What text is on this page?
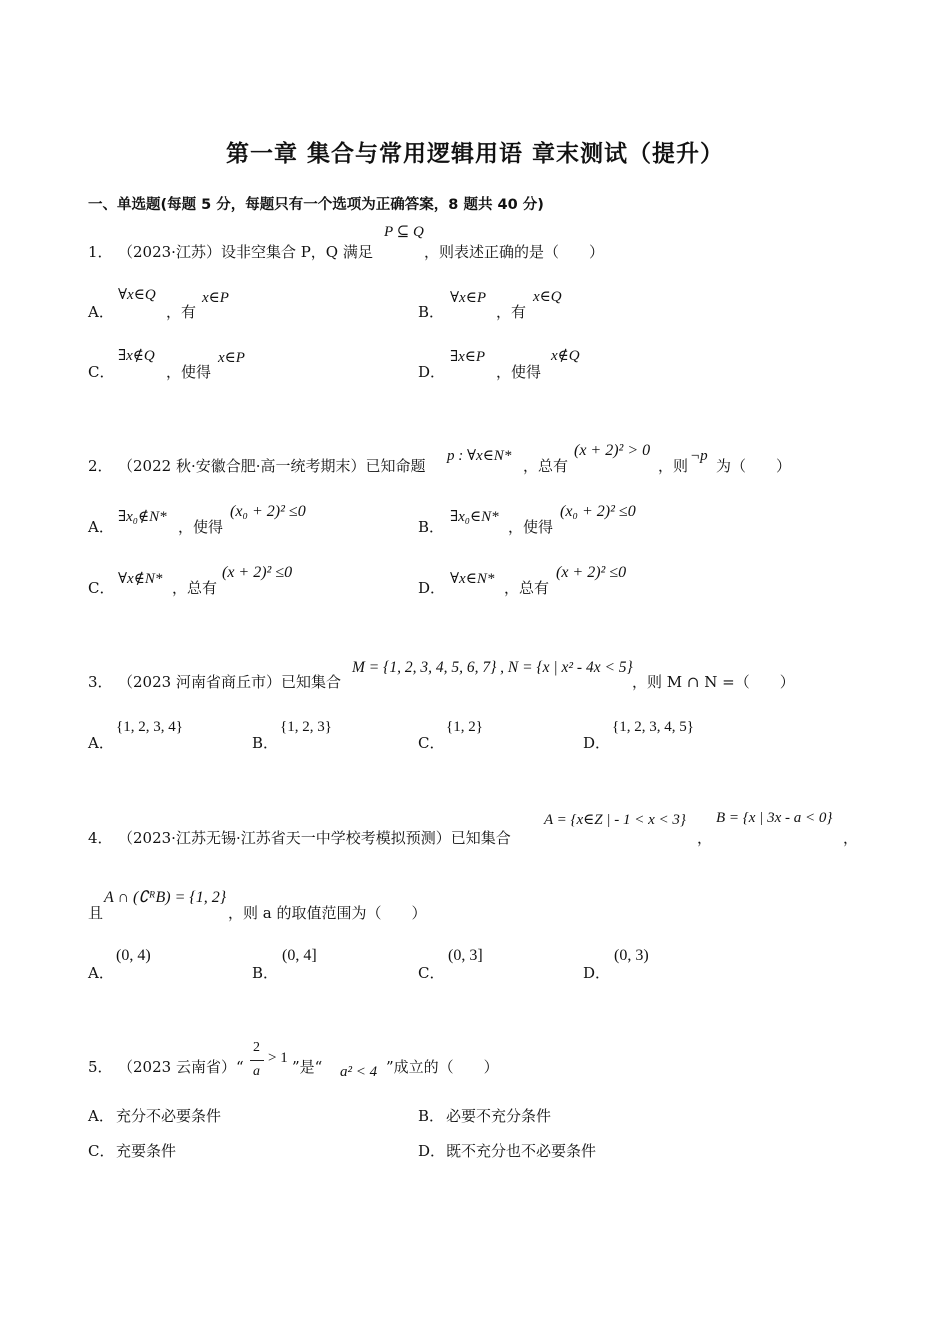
第一章 集合与常用逻辑用语 章末测试（提升）
一、单选题(每题 5 分，每题只有一个选项为正确答案，8 题共 40 分)
1． （2023·江苏）设非空集合 P，Q 满足
P ⊆ Q
，则表述正确的是（　　）
A．
∀x∈Q
，有
x∈P
B．
∀x∈P
，有
x∈Q
C．
∃x∉Q
，使得
x∈P
D．
∃x∈P
，使得
x∉Q
2． （2022 秋·安徽合肥·高一统考期末）已知命题
p : ∀x∈N*
，总有
(x + 2)² > 0
，则
¬p
为（　　）
A．
∃x₀∉N*
，使得
(x₀ + 2)² ≤0
B．
∃x₀∈N*
，使得
(x₀ + 2)² ≤0
C． ∀x∉N* ，总有
(x + 2)² ≤0
D． ∀x∈N* ，总有
(x + 2)² ≤0
3． （2023 河南省商丘市）已知集合
M = {1, 2, 3, 4, 5, 6, 7} , N = {x | x² - 4x < 5}
，则 M ∩ N =（　　）
A．
{1, 2, 3, 4}
B．
{1, 2, 3}
C．
{1, 2}
D．
{1, 2, 3, 4, 5}
4． （2023·江苏无锡·江苏省天一中学校考模拟预测）已知集合
A = {x∈Z | - 1 < x < 3}
，
B = {x | 3x - a < 0}
，
且
A ∩ (∁ᴿB) = {1, 2}
，则 a 的取值范围为（　　）
A．
(0, 4)
B．
(0, 4]
C．
(0, 3]
D．
(0, 3)
5． （2023 云南省）“
2
a
> 1 ”是“ a² < 4 ”成立的（　　）
A． 充分不必要条件	B． 必要不充分条件
C． 充要条件	D． 既不充分也不必要条件
